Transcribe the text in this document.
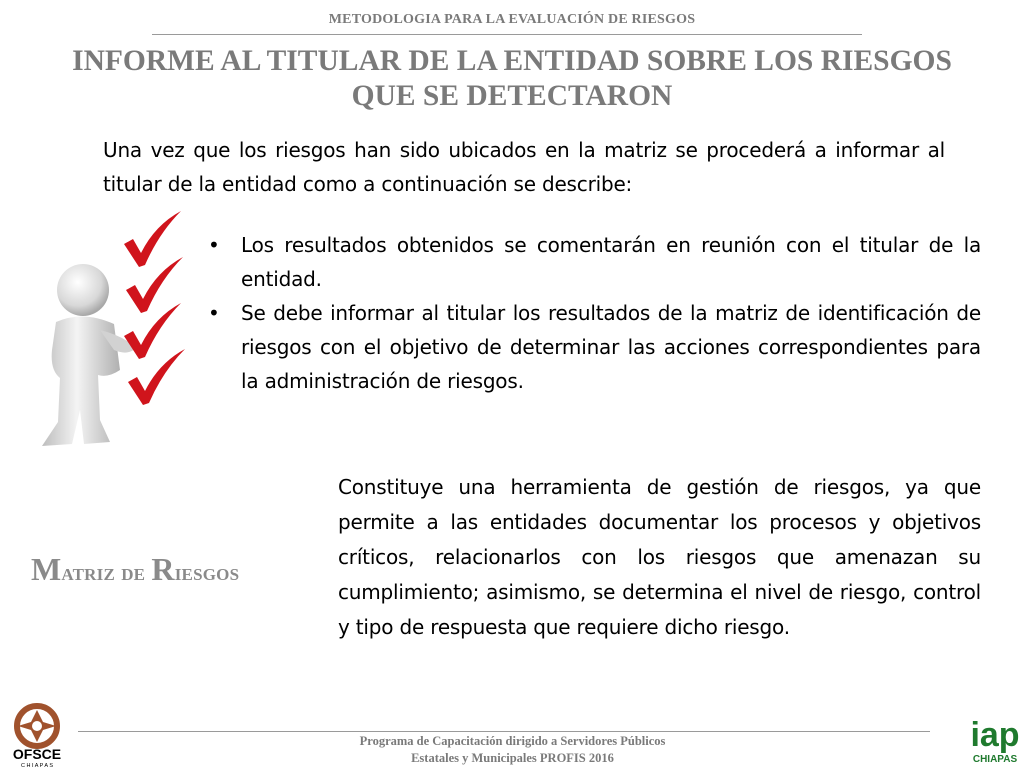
METODOLOGIA PARA LA EVALUACIÓN DE RIESGOS
INFORME AL TITULAR DE LA ENTIDAD SOBRE LOS RIESGOS
QUE SE DETECTARON
Una vez que los riesgos han sido ubicados en la matriz se procederá a informar al titular de la entidad como a continuación se describe:
• Los resultados obtenidos se comentarán en reunión con el titular de la entidad.
• Se debe informar al titular los resultados de la matriz de identificación de riesgos con el objetivo de determinar las acciones correspondientes para la administración de riesgos.
Matriz de Riesgos
Constituye una herramienta de gestión de riesgos, ya que permite a las entidades documentar los procesos y objetivos críticos, relacionarlos con los riesgos que amenazan su cumplimiento; asimismo, se determina el nivel de riesgo, control y tipo de respuesta que requiere dicho riesgo.
Programa de Capacitación dirigido a Servidores Públicos
Estatales y Municipales PROFIS 2016
OFSCE
C H I A P A S
iap
CHIAPAS
